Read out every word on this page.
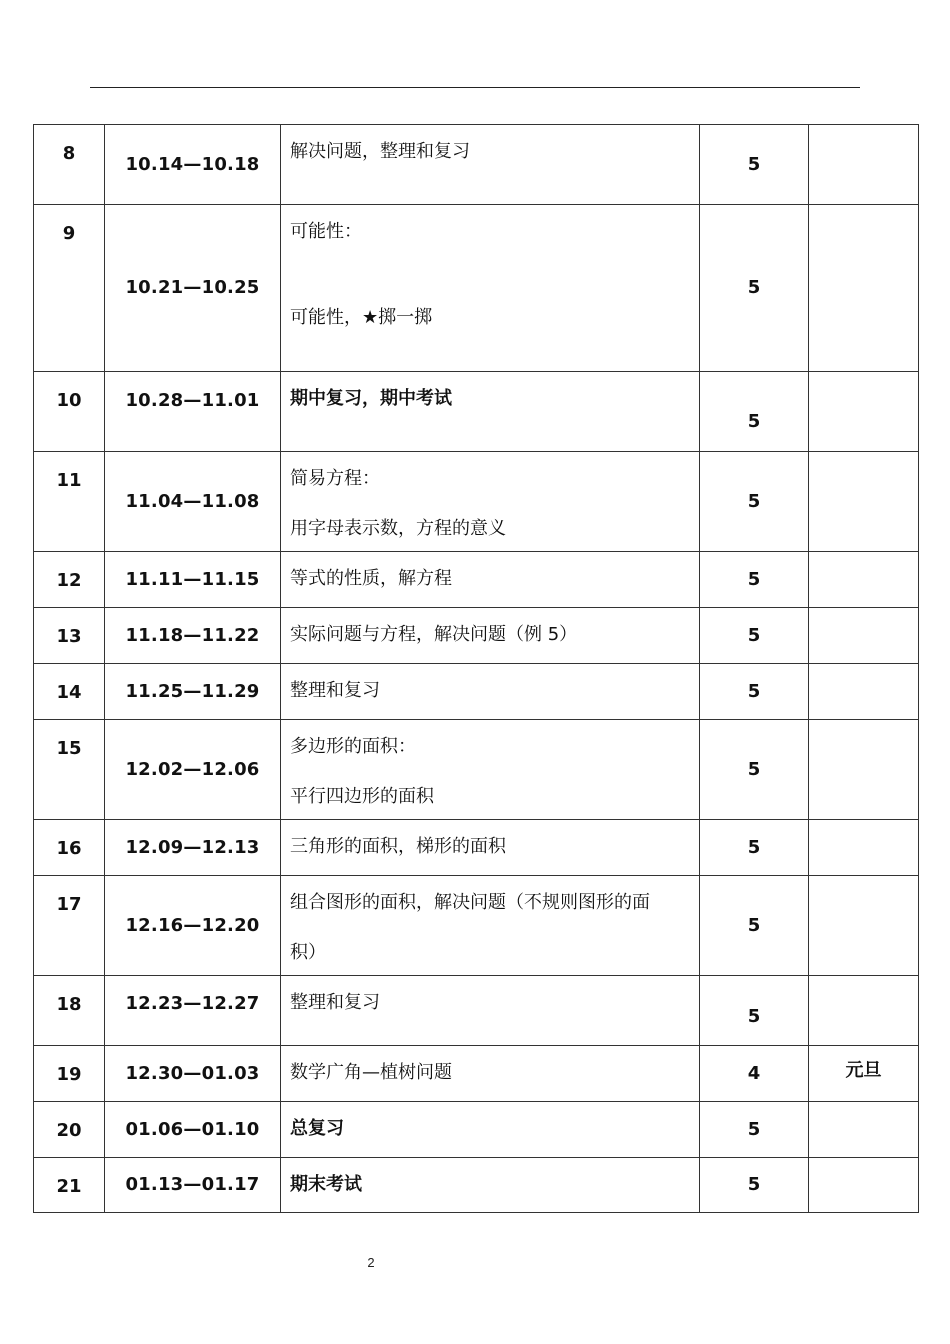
8	10.14—10.18	解决问题，整理和复习	5	

9	10.21—10.25	可能性：
可能性，★掷一掷	5	

10	10.28—11.01	期中复习，期中考试	5	

11	11.04—11.08	简易方程：
用字母表示数，方程的意义	5	

12	11.11—11.15	等式的性质，解方程	5	

13	11.18—11.22	实际问题与方程，解决问题（例 5）	5	

14	11.25—11.29	整理和复习	5	

15	12.02—12.06	多边形的面积：
平行四边形的面积	5	

16	12.09—12.13	三角形的面积，梯形的面积	5	

17	12.16—12.20	组合图形的面积，解决问题（不规则图形的面
积）	5	

18	12.23—12.27	整理和复习	5	

19	12.30—01.03	数学广角—植树问题	4	元旦

20	01.06—01.10	总复习	5	

21	01.13—01.17	期末考试	5	

2
